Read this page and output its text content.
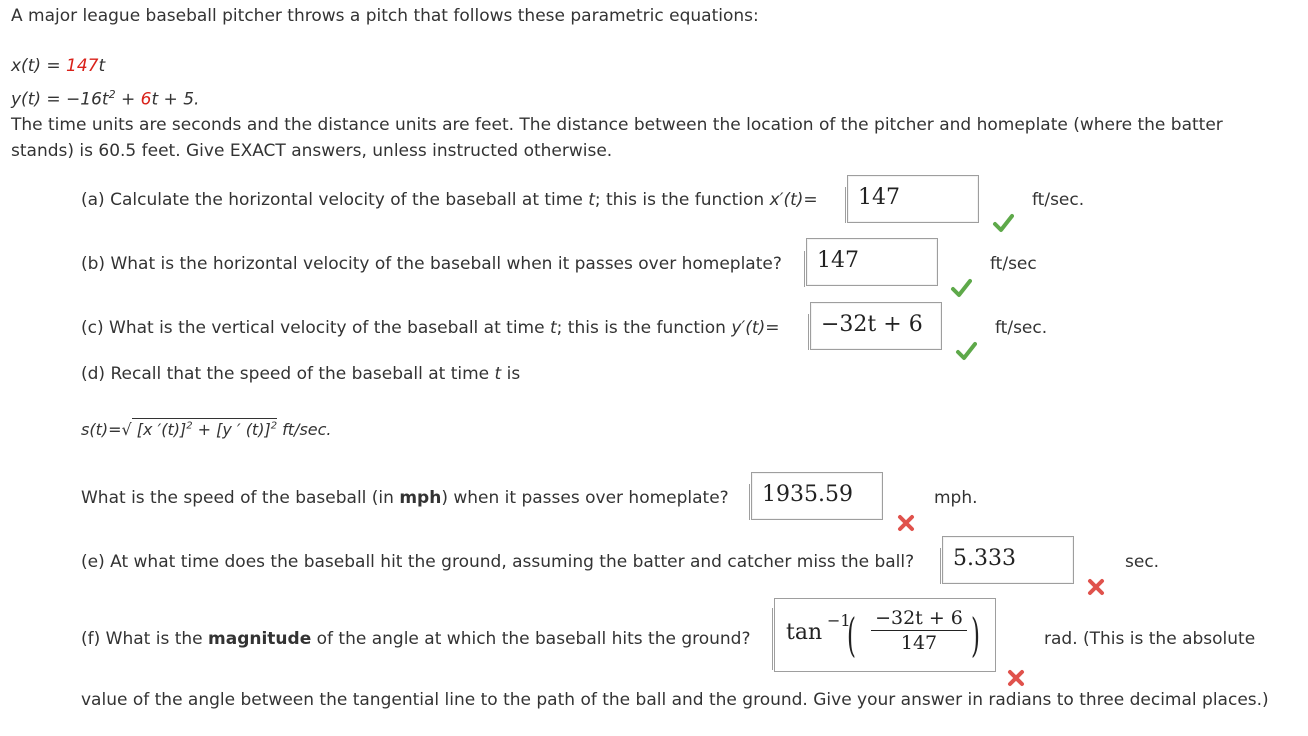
A major league baseball pitcher throws a pitch that follows these parametric equations:
x(t) = 147t
$y(t) = -16t^2 + 6t + 5$.
The time units are seconds and the distance units are feet. The distance between the location of the pitcher and homeplate (where the batter
stands) is 60.5 feet. Give EXACT answers, unless instructed otherwise.
(a) Calculate the horizontal velocity of the baseball at time t; this is the function x′(t)=	147	ft/sec.
(b) What is the horizontal velocity of the baseball when it passes over homeplate?	147	ft/sec
(c) What is the vertical velocity of the baseball at time t; this is the function y′(t)=	−32t + 6	ft/sec.
(d) Recall that the speed of the baseball at time t is
s(t)=√ [x ′(t)]$^2$ + [y ′ (t)]$^2$ ft/sec.
What is the speed of the baseball (in mph) when it passes over homeplate?	1935.59	mph.
(e) At what time does the baseball hit the ground, assuming the batter and catcher miss the ball?	5.333	sec.
(f) What is the magnitude of the angle at which the baseball hits the ground? tan −1
( $\frac{-32t + 6}{147}$ )	rad. (This is the absolute
value of the angle between the tangential line to the path of the ball and the ground. Give your answer in radians to three decimal places.)
